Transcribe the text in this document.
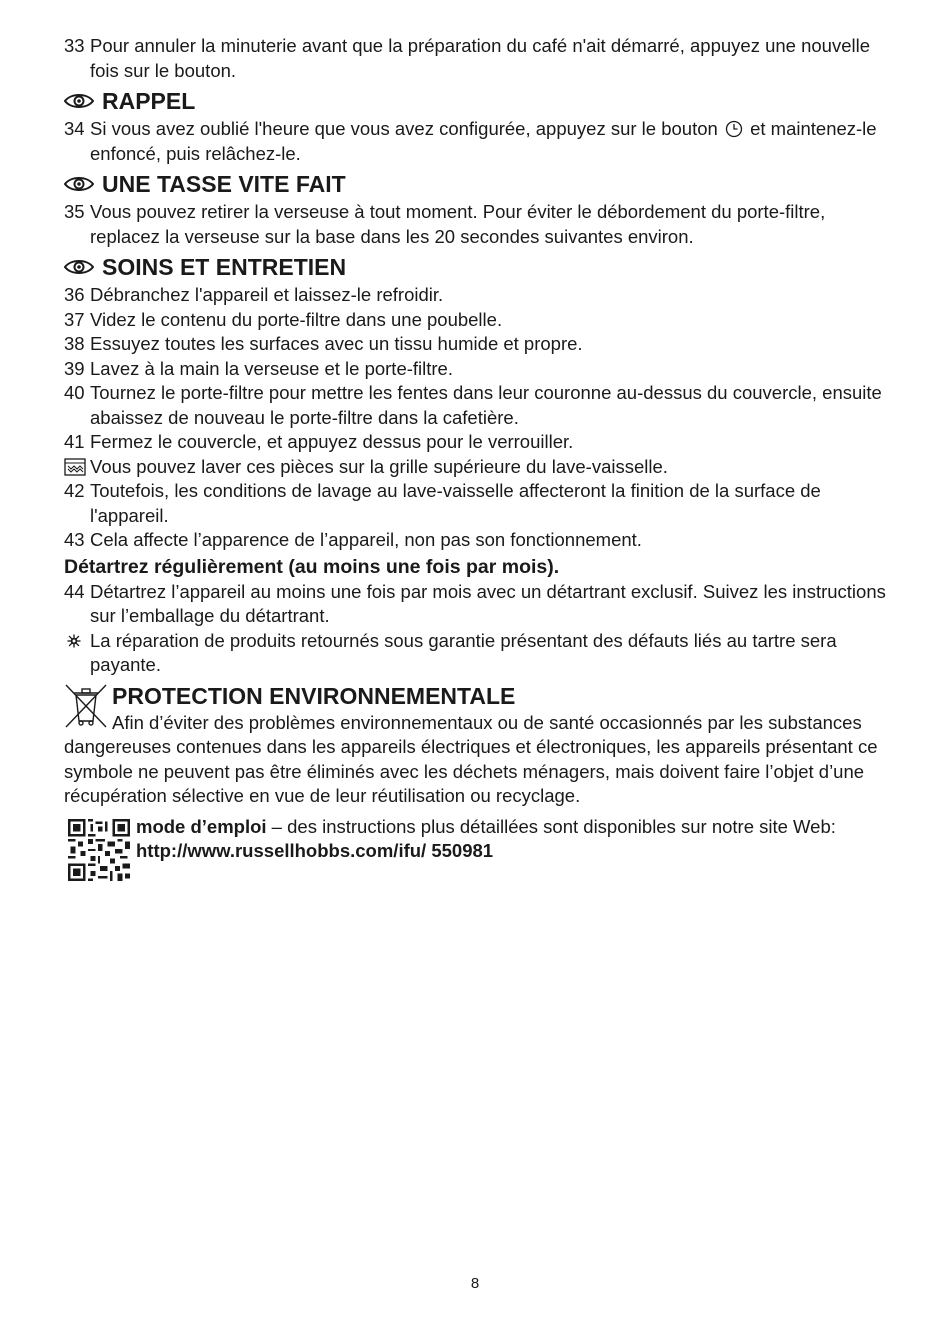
33 Pour annuler la minuterie avant que la préparation du café n'ait démarré, appuyez une nouvelle fois sur le bouton.
RAPPEL
34 Si vous avez oublié l'heure que vous avez configurée, appuyez sur le bouton et maintenez-le enfoncé, puis relâchez-le.
UNE TASSE VITE FAIT
35 Vous pouvez retirer la verseuse à tout moment. Pour éviter le débordement du porte-filtre, replacez la verseuse sur la base dans les 20 secondes suivantes environ.
SOINS ET ENTRETIEN
36 Débranchez l'appareil et laissez-le refroidir.
37 Videz le contenu du porte-filtre dans une poubelle.
38 Essuyez toutes les surfaces avec un tissu humide et propre.
39 Lavez à la main la verseuse et le porte-filtre.
40 Tournez le porte-filtre pour mettre les fentes dans leur couronne au-dessus du couvercle, ensuite abaissez de nouveau le porte-filtre dans la cafetière.
41 Fermez le couvercle, et appuyez dessus pour le verrouiller.
Vous pouvez laver ces pièces sur la grille supérieure du lave-vaisselle.
42 Toutefois, les conditions de lavage au lave-vaisselle affecteront la finition de la surface de l'appareil.
43 Cela affecte l’apparence de l’appareil, non pas son fonctionnement.
Détartrez régulièrement (au moins une fois par mois).
44 Détartrez l’appareil au moins une fois par mois avec un détartrant exclusif. Suivez les instructions sur l’emballage du détartrant.
La réparation de produits retournés sous garantie présentant des défauts liés au tartre sera payante.
PROTECTION ENVIRONNEMENTALE
Afin d’éviter des problèmes environnementaux ou de santé occasionnés par les substances dangereuses contenues dans les appareils électriques et électroniques, les appareils présentant ce symbole ne peuvent pas être éliminés avec les déchets ménagers, mais doivent faire l’objet d’une récupération sélective en vue de leur réutilisation ou recyclage.
mode d’emploi – des instructions plus détaillées sont disponibles sur notre site Web:
http://www.russellhobbs.com/ifu/ 550981
8
